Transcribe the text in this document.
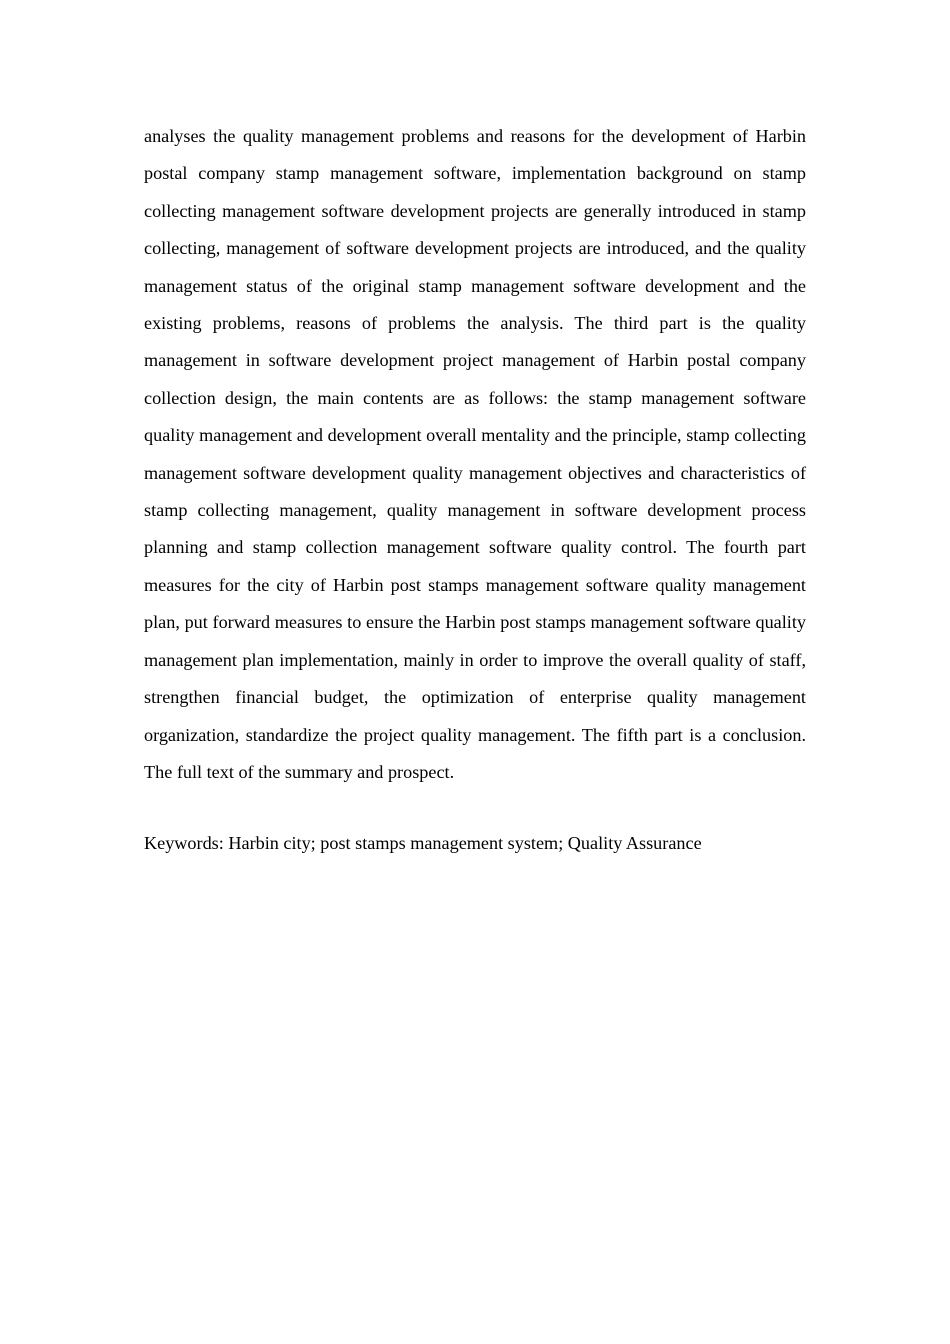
analyses the quality management problems and reasons for the development of Harbin postal company stamp management software, implementation background on stamp collecting management software development projects are generally introduced in stamp collecting, management of software development projects are introduced, and the quality management status of the original stamp management software development and the existing problems, reasons of problems the analysis. The third part is the quality management in software development project management of Harbin postal company collection design, the main contents are as follows: the stamp management software quality management and development overall mentality and the principle, stamp collecting management software development quality management objectives and characteristics of stamp collecting management, quality management in software development process planning and stamp collection management software quality control. The fourth part measures for the city of Harbin post stamps management software quality management plan, put forward measures to ensure the Harbin post stamps management software quality management plan implementation, mainly in order to improve the overall quality of staff, strengthen financial budget, the optimization of enterprise quality management organization, standardize the project quality management. The fifth part is a conclusion. The full text of the summary and prospect.

Keywords: Harbin city; post stamps management system; Quality Assurance
